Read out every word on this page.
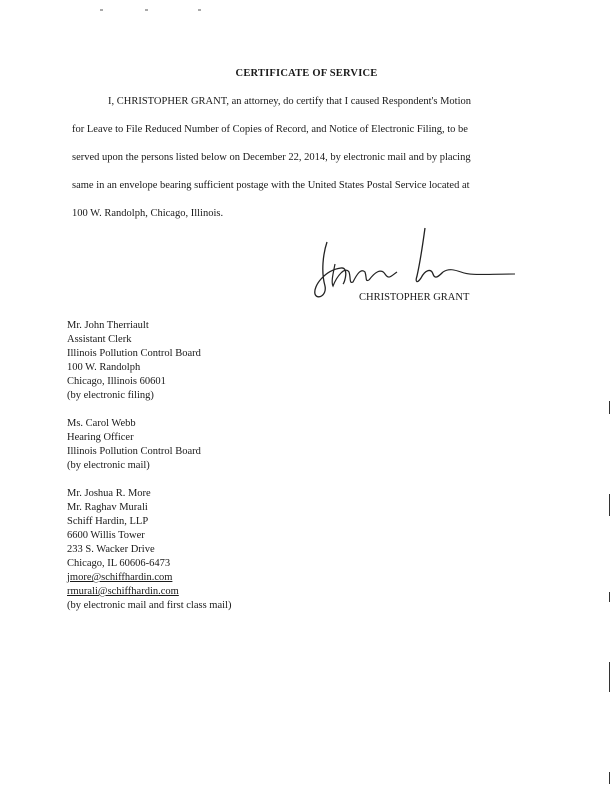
CERTIFICATE OF SERVICE
I, CHRISTOPHER GRANT, an attorney, do certify that I caused Respondent's Motion
for Leave to File Reduced Number of Copies of Record, and Notice of Electronic Filing, to be
served upon the persons listed below on December 22, 2014, by electronic mail and by placing
same in an envelope bearing sufficient postage with the United States Postal Service located at
100 W. Randolph, Chicago, Illinois.
CHRISTOPHER GRANT
Mr. John Therriault
Assistant Clerk
Illinois Pollution Control Board
100 W. Randolph
Chicago, Illinois 60601
(by electronic filing)
Ms. Carol Webb
Hearing Officer
Illinois Pollution Control Board
(by electronic mail)
Mr. Joshua R. More
Mr. Raghav Murali
Schiff Hardin, LLP
6600 Willis Tower
233 S. Wacker Drive
Chicago, IL 60606-6473
jmore@schiffhardin.com
rmurali@schiffhardin.com
(by electronic mail and first class mail)
